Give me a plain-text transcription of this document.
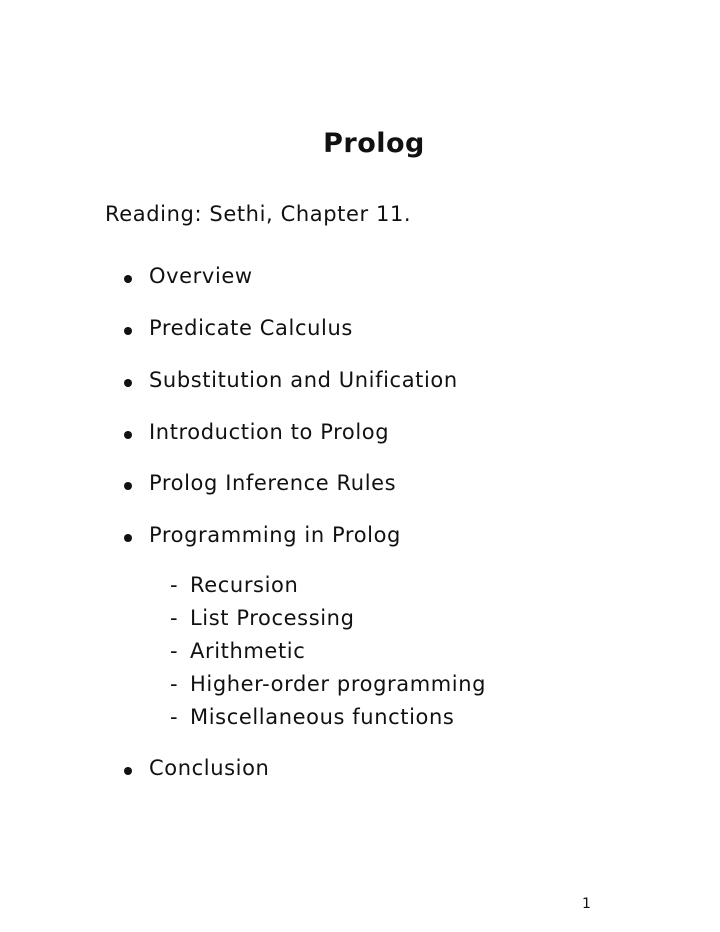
Prolog
Reading: Sethi, Chapter 11.
Overview
Predicate Calculus
Substitution and Unification
Introduction to Prolog
Prolog Inference Rules
Programming in Prolog
- Recursion
- List Processing
- Arithmetic
- Higher-order programming
- Miscellaneous functions
Conclusion
1
